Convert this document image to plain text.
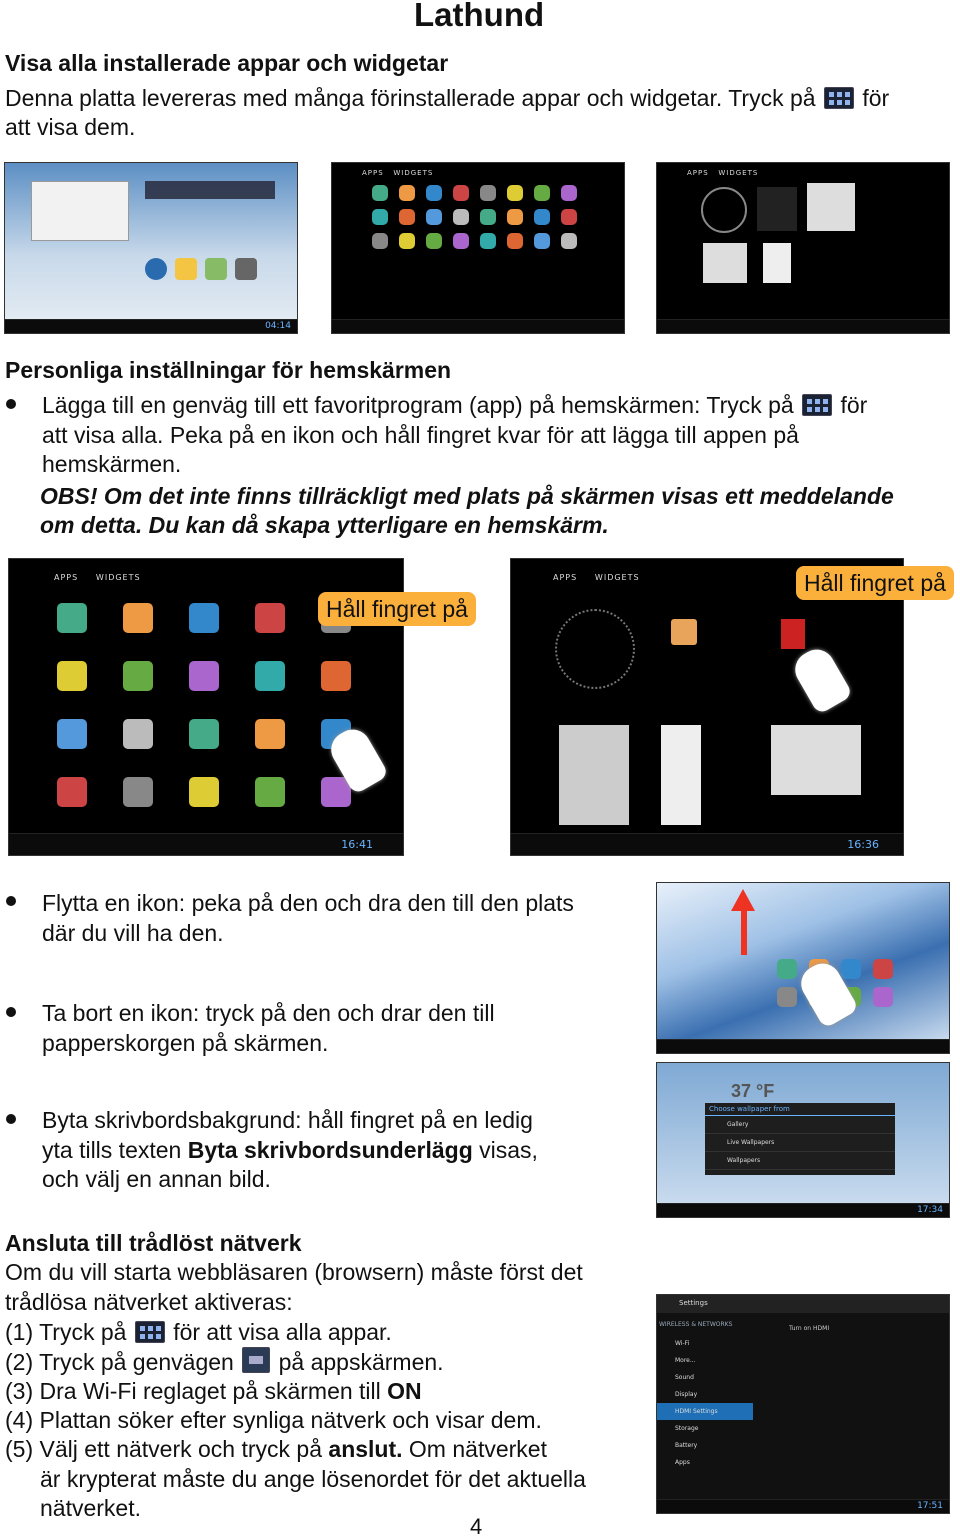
Lathund
Visa alla installerade appar och widgetar
Denna platta levereras med många förinstallerade appar och widgetar. Tryck på för
att visa dem.
04:14
APPS WIDGETS	APPS WIDGETS
Personliga inställningar för hemskärmen
Lägga till en genväg till ett favoritprogram (app) på hemskärmen: Tryck på för
att visa alla. Peka på en ikon och håll fingret kvar för att lägga till appen på
hemskärmen.
OBS! Om det inte finns tillräckligt med plats på skärmen visas ett meddelande
om detta. Du kan då skapa ytterligare en hemskärm.
APPS WIDGETS
16:41
Håll fingret på
APPS WIDGETS
16:36
Håll fingret på
Flytta en ikon: peka på den och dra den till den plats
där du vill ha den.
Ta bort en ikon: tryck på den och drar den till
papperskorgen på skärmen.
Byta skrivbordsbakgrund: håll fingret på en ledig
yta tills texten Byta skrivbordsunderlägg visas,
och välj en annan bild.
37 °F
Choose wallpaper from
Gallery
Live Wallpapers
Wallpapers
17:34
Settings
WIRELESS & NETWORKS
Wi-Fi
More...
Sound
Display
HDMI Settings
Storage
Battery
Apps
Turn on HDMI
17:51
Ansluta till trådlöst nätverk
Om du vill starta webbläsaren (browsern) måste först det
trådlösa nätverket aktiveras:
(1) Tryck på för att visa alla appar.
(2) Tryck på genvägen på appskärmen.
(3) Dra Wi-Fi reglaget på skärmen till ON
(4) Plattan söker efter synliga nätverk och visar dem.
(5) Välj ett nätverk och tryck på anslut. Om nätverket
är krypterat måste du ange lösenordet för det aktuella
nätverket.
4
